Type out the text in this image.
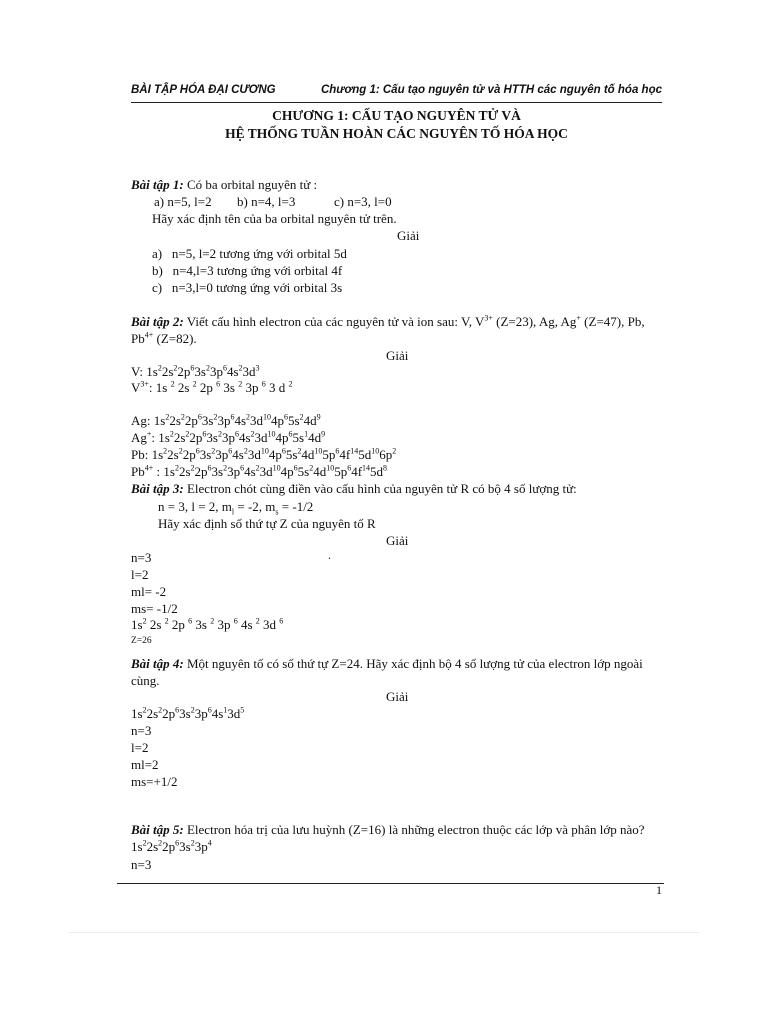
BÀI TẬP HÓA ĐẠI CƯƠNG	Chương 1: Cấu tạo nguyên tử và HTTH các nguyên tố hóa học
CHƯƠNG 1: CẤU TẠO NGUYÊN TỬ VÀ
HỆ THỐNG TUẦN HOÀN CÁC NGUYÊN TỐ HÓA HỌC
Bài tập 1: Có ba orbital nguyên tử :
a) n=5, l=2 b) n=4, l=3	c) n=3, l=0
Hãy xác định tên của ba orbital nguyên tử trên.
Giải
a) n=5, l=2 tương ứng với orbital 5d
b) n=4,l=3 tương ứng với orbital 4f
c) n=3,l=0 tương ứng với orbital 3s
Bài tập 2: Viết cấu hình electron của các nguyên tử và ion sau: V, $V^{3+}$ (Z=23), Ag, Ag+ (Z=47), Pb,
$Pb^{4+}$ (Z=82).
Giải
V: $1s^22s^22p^63s^23p^64s^23d^3$
$V^{3+}$: 1s $^2$ 2s $^2$ 2p $^6$ 3s $^2$ 3p $^6$ 3 d $^2$
Ag: $1s^22s^22p^63s^23p^64s^23d^{10}4p^65s^24d^9$
Ag+: $1s^22s^22p^63s^23p^64s^23d^{10}4p^65s^14d^9$
Pb: $1s^22s^22p^63s^23p^64s^23d^{10}4p^65s^24d^{10}5p^64f^{14}5d^{10}6p^2$
$Pb^{4+}$ : $1s^22s^22p^63s^23p^64s^23d^{10}4p^65s^24d^{10}5p^64f^{14}5d^8$
Bài tập 3: Electron chót cùng điền vào cấu hình của nguyên tử R có bộ 4 số lượng tử:
n = 3, l = 2, $m_l = -2$, $m_s = -1/2$
Hãy xác định số thứ tự Z của nguyên tố R
Giải
.
n=3
l=2
ml= -2
ms= -1/2
$1s^2$ 2s $^2$ 2p $^6$ 3s $^2$ 3p $^6$ 4s $^2$ 3d $^6$
Z=26
Bài tập 4: Một nguyên tố có số thứ tự Z=24. Hãy xác định bộ 4 số lượng tử của electron lớp ngoài
cùng.
Giải
$1s^22s^22p^63s^23p^64s^13d^5$
n=3
l=2
ml=2
ms=+1/2
Bài tập 5: Electron hóa trị của lưu huỳnh (Z=16) là những electron thuộc các lớp và phân lớp nào?
$1s^22s^22p^63s^23p^4$
n=3
1
